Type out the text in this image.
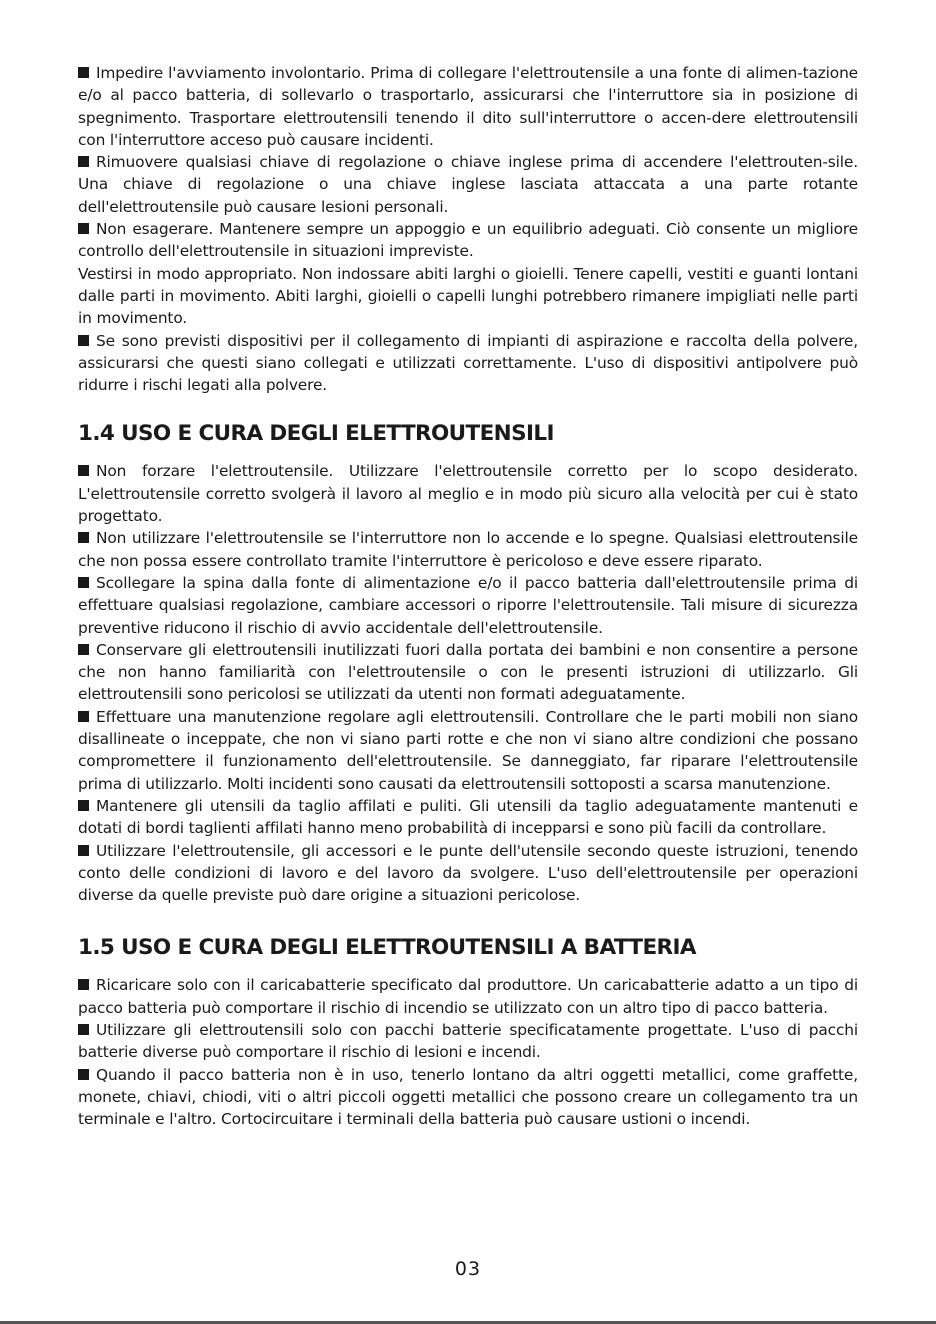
Impedire l'avviamento involontario. Prima di collegare l'elettroutensile a una fonte di alimen-tazione e/o al pacco batteria, di sollevarlo o trasportarlo, assicurarsi che l'interruttore sia in posizione di spegnimento. Trasportare elettroutensili tenendo il dito sull'interruttore o accen-dere elettroutensili con l'interruttore acceso può causare incidenti.

Rimuovere qualsiasi chiave di regolazione o chiave inglese prima di accendere l'elettrouten-sile. Una chiave di regolazione o una chiave inglese lasciata attaccata a una parte rotante dell'elettroutensile può causare lesioni personali.

Non esagerare. Mantenere sempre un appoggio e un equilibrio adeguati. Ciò consente un migliore controllo dell'elettroutensile in situazioni impreviste.

Vestirsi in modo appropriato. Non indossare abiti larghi o gioielli. Tenere capelli, vestiti e guanti lontani dalle parti in movimento. Abiti larghi, gioielli o capelli lunghi potrebbero rimanere impigliati nelle parti in movimento.

Se sono previsti dispositivi per il collegamento di impianti di aspirazione e raccolta della polvere, assicurarsi che questi siano collegati e utilizzati correttamente. L'uso di dispositivi antipolvere può ridurre i rischi legati alla polvere.

1.4 USO E CURA DEGLI ELETTROUTENSILI

Non forzare l'elettroutensile. Utilizzare l'elettroutensile corretto per lo scopo desiderato. L'elettroutensile corretto svolgerà il lavoro al meglio e in modo più sicuro alla velocità per cui è stato progettato.

Non utilizzare l'elettroutensile se l'interruttore non lo accende e lo spegne. Qualsiasi elettroutensile che non possa essere controllato tramite l'interruttore è pericoloso e deve essere riparato.

Scollegare la spina dalla fonte di alimentazione e/o il pacco batteria dall'elettroutensile prima di effettuare qualsiasi regolazione, cambiare accessori o riporre l'elettroutensile. Tali misure di sicurezza preventive riducono il rischio di avvio accidentale dell'elettroutensile.

Conservare gli elettroutensili inutilizzati fuori dalla portata dei bambini e non consentire a persone che non hanno familiarità con l'elettroutensile o con le presenti istruzioni di utilizzarlo. Gli elettroutensili sono pericolosi se utilizzati da utenti non formati adeguatamente.

Effettuare una manutenzione regolare agli elettroutensili. Controllare che le parti mobili non siano disallineate o inceppate, che non vi siano parti rotte e che non vi siano altre condizioni che possano compromettere il funzionamento dell'elettroutensile. Se danneggiato, far riparare l'elettroutensile prima di utilizzarlo. Molti incidenti sono causati da elettroutensili sottoposti a scarsa manutenzione.

Mantenere gli utensili da taglio affilati e puliti. Gli utensili da taglio adeguatamente mantenuti e dotati di bordi taglienti affilati hanno meno probabilità di incepparsi e sono più facili da controllare.

Utilizzare l'elettroutensile, gli accessori e le punte dell'utensile secondo queste istruzioni, tenendo conto delle condizioni di lavoro e del lavoro da svolgere. L'uso dell'elettroutensile per operazioni diverse da quelle previste può dare origine a situazioni pericolose.

1.5 USO E CURA DEGLI ELETTROUTENSILI A BATTERIA

Ricaricare solo con il caricabatterie specificato dal produttore. Un caricabatterie adatto a un tipo di pacco batteria può comportare il rischio di incendio se utilizzato con un altro tipo di pacco batteria.

Utilizzare gli elettroutensili solo con pacchi batterie specificatamente progettate. L'uso di pacchi batterie diverse può comportare il rischio di lesioni e incendi.

Quando il pacco batteria non è in uso, tenerlo lontano da altri oggetti metallici, come graffette, monete, chiavi, chiodi, viti o altri piccoli oggetti metallici che possono creare un collegamento tra un terminale e l'altro. Cortocircuitare i terminali della batteria può causare ustioni o incendi.

03
